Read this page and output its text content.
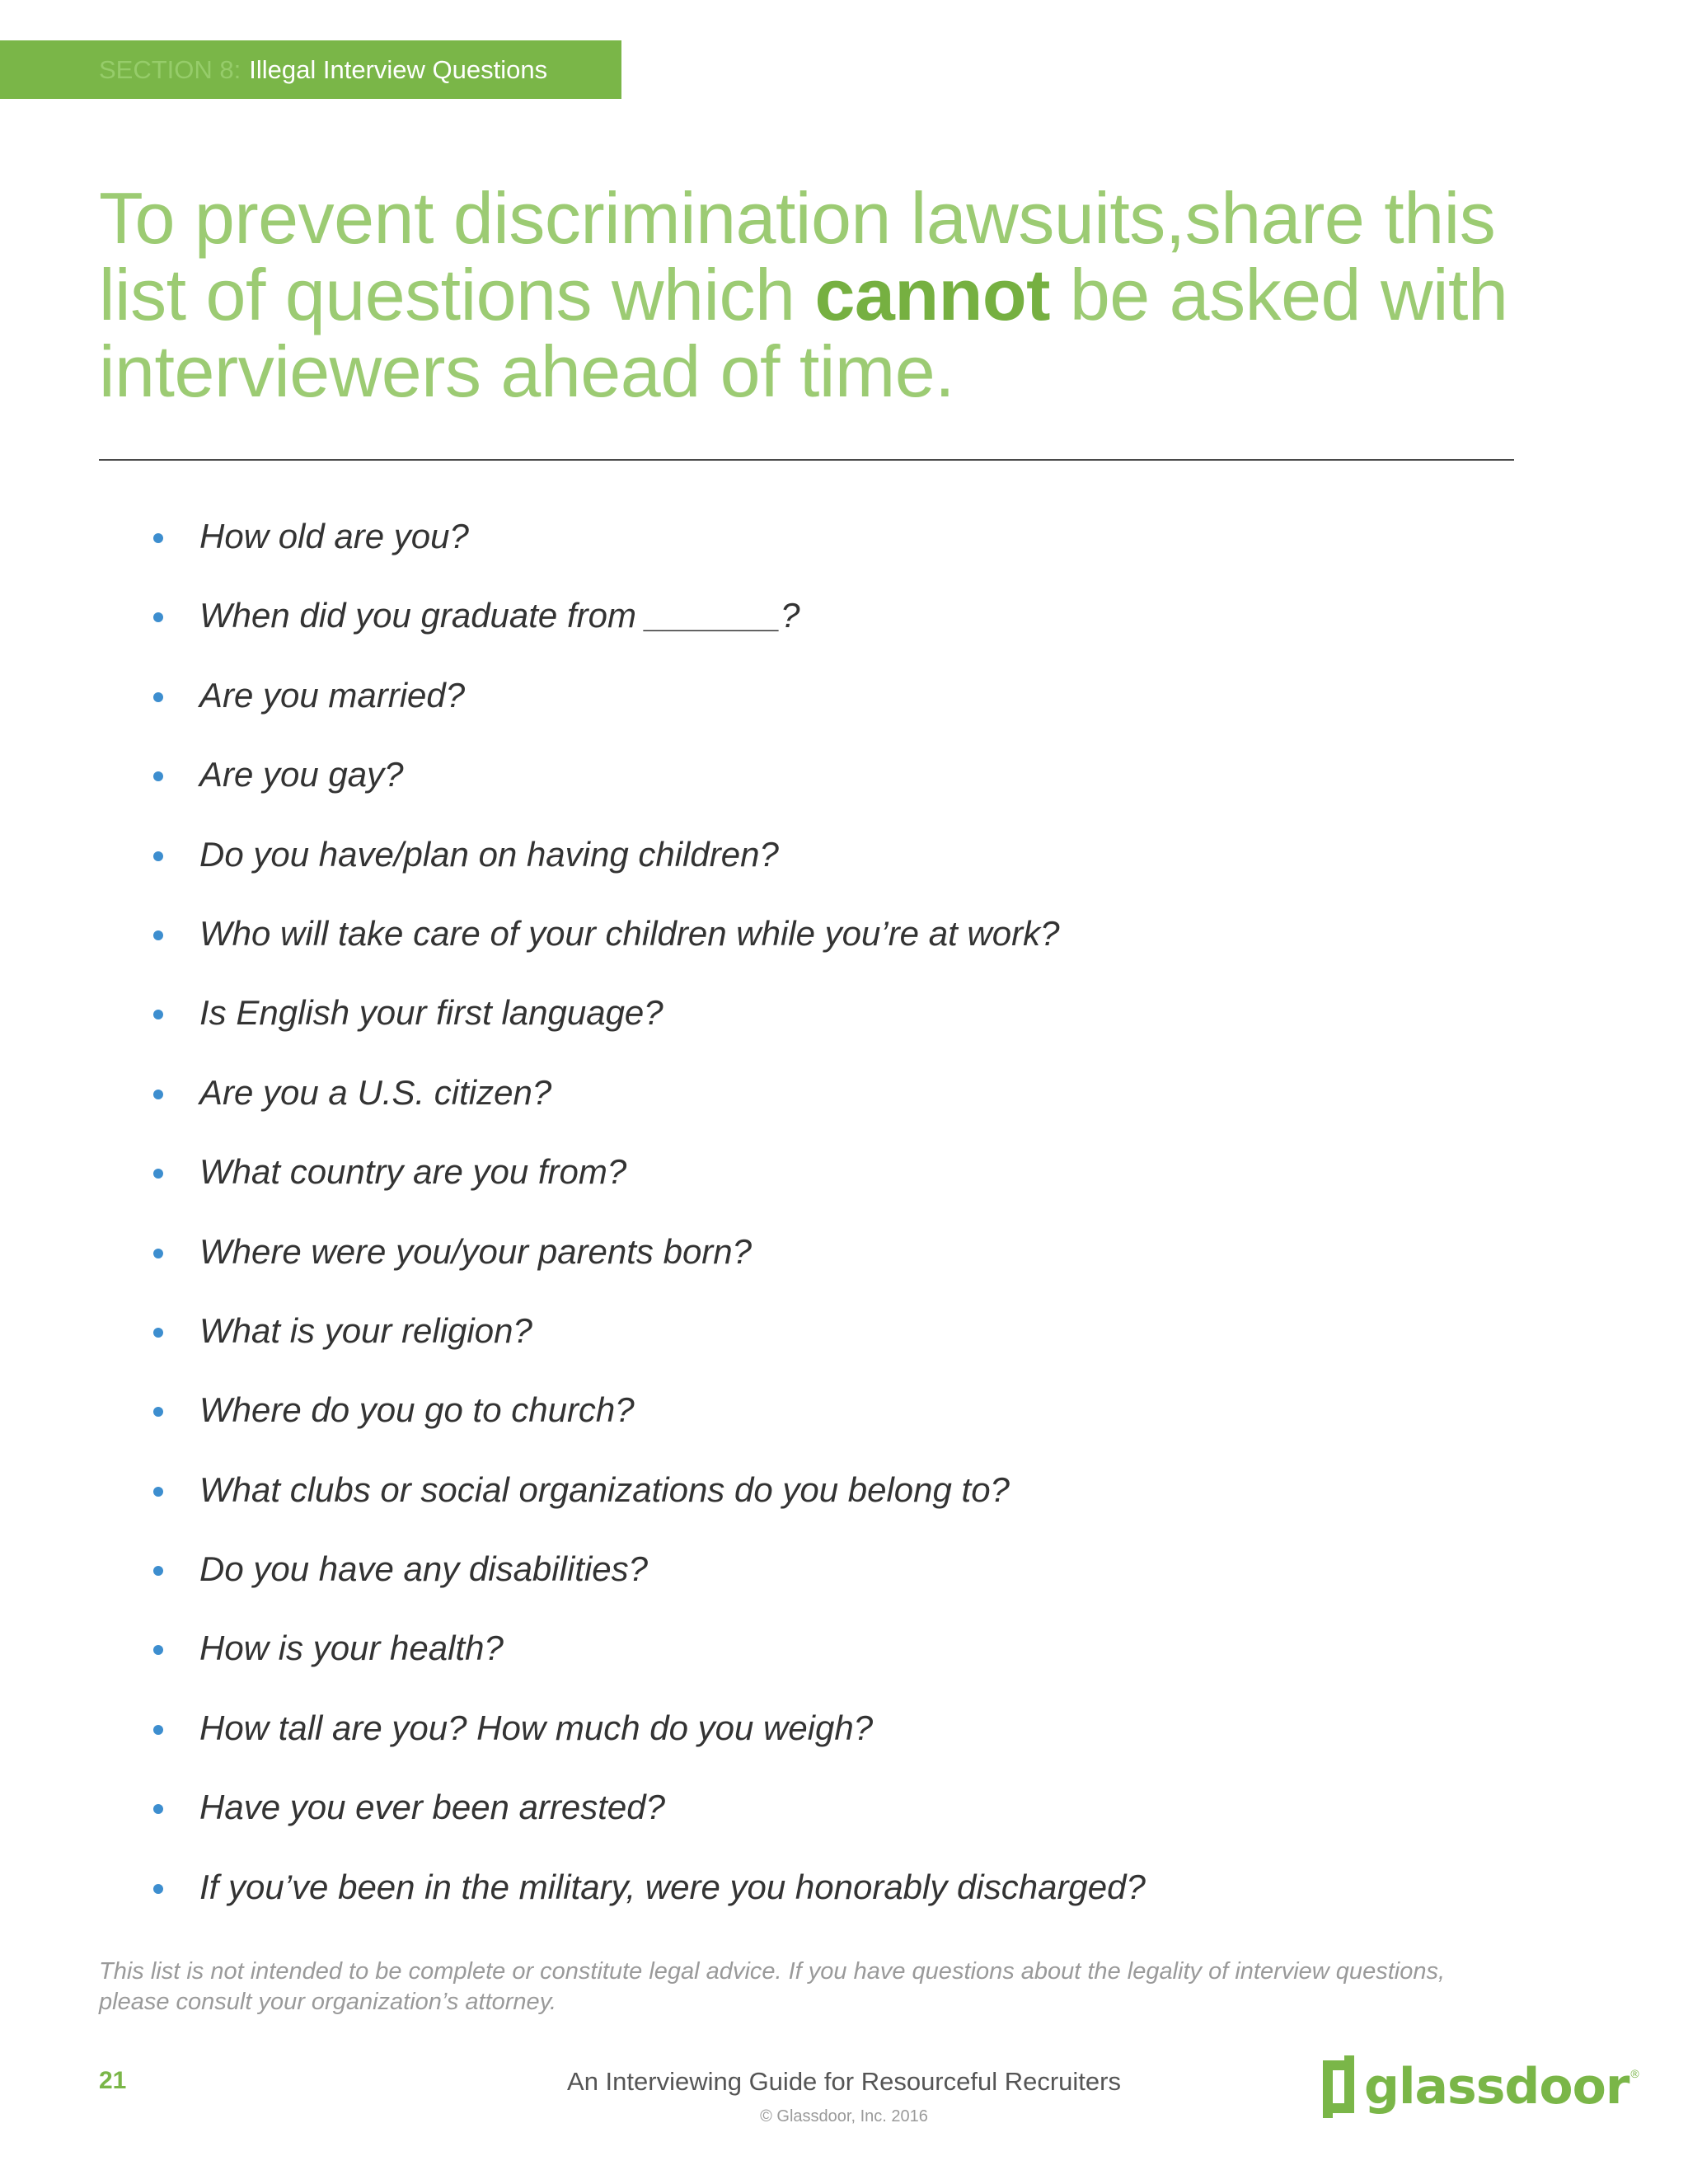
SECTION 8: Illegal Interview Questions
To prevent discrimination lawsuits,share this list of questions which cannot be asked with interviewers ahead of time.
How old are you?
When did you graduate from _______?
Are you married?
Are you gay?
Do you have/plan on having children?
Who will take care of your children while you’re at work?
Is English your first language?
Are you a U.S. citizen?
What country are you from?
Where were you/your parents born?
What is your religion?
Where do you go to church?
What clubs or social organizations do you belong to?
Do you have any disabilities?
How is your health?
How tall are you? How much do you weigh?
Have you ever been arrested?
If you’ve been in the military, were you honorably discharged?

This list is not intended to be complete or constitute legal advice. If you have questions about the legality of interview questions, please consult your organization’s attorney.

21	An Interviewing Guide for Resourceful Recruiters
© Glassdoor, Inc. 2016
glassdoor ®
